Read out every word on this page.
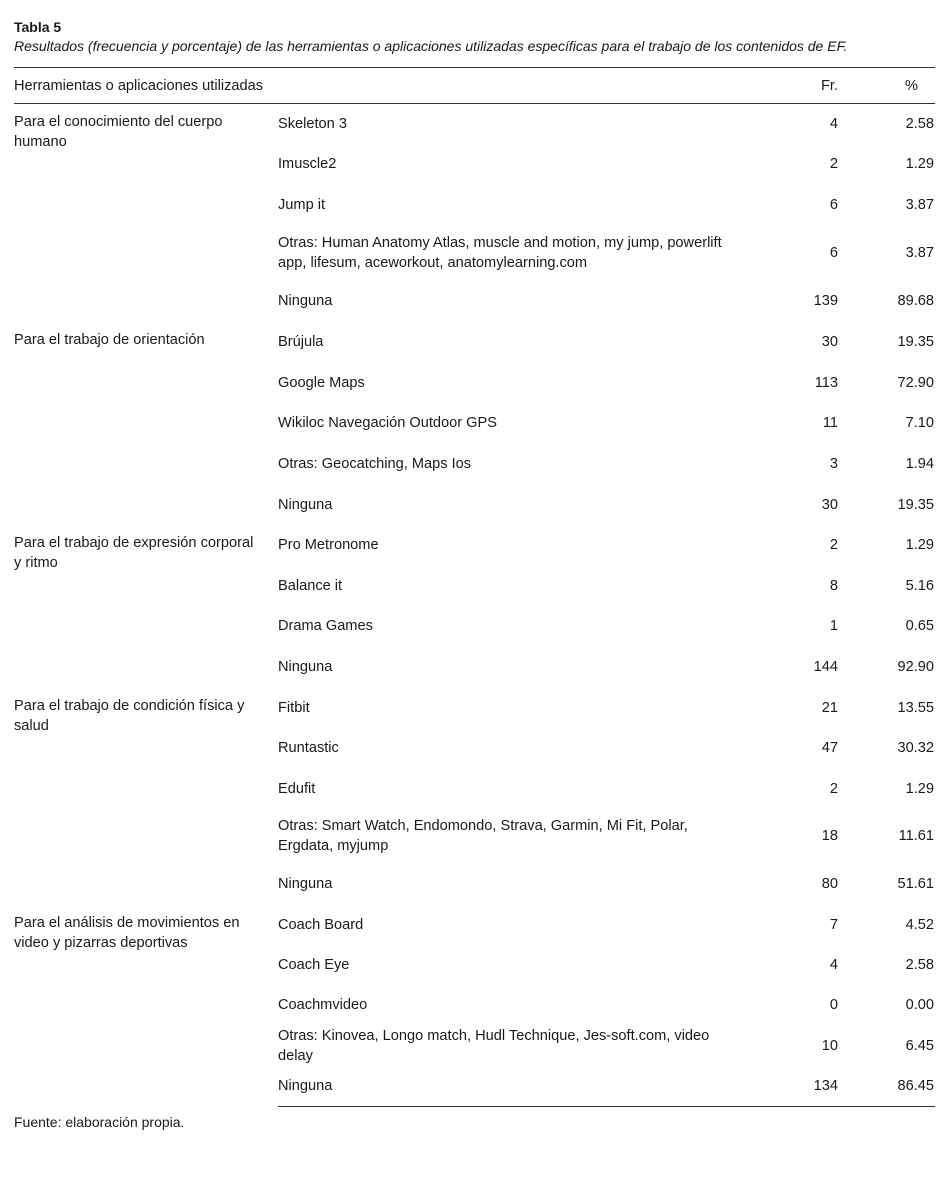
Tabla 5
Resultados (frecuencia y porcentaje) de las herramientas o aplicaciones utilizadas específicas para el trabajo de los contenidos de EF.
Herramientas o aplicaciones utilizadas		Fr.	%

Para el conocimiento del cuerpo humano	Skeleton 3	4	2.58
	Imuscle2	2	1.29
	Jump it	6	3.87
	Otras: Human Anatomy Atlas, muscle and motion, my jump, powerlift app, lifesum, aceworkout, anatomylearning.com	6	3.87
	Ninguna	139	89.68

Para el trabajo de orientación	Brújula	30	19.35
	Google Maps	113	72.90
	Wikiloc Navegación Outdoor GPS	11	7.10
	Otras: Geocatching, Maps Ios	3	1.94
	Ninguna	30	19.35

Para el trabajo de expresión corporal y ritmo	Pro Metronome	2	1.29
	Balance it	8	5.16
	Drama Games	1	0.65
	Ninguna	144	92.90

Para el trabajo de condición física y salud	Fitbit	21	13.55
	Runtastic	47	30.32
	Edufit	2	1.29
	Otras: Smart Watch, Endomondo, Strava, Garmin, Mi Fit, Polar, Ergdata, myjump	18	11.61
	Ninguna	80	51.61

Para el análisis de movimientos en video y pizarras deportivas	Coach Board	7	4.52
	Coach Eye	4	2.58
	Coachmvideo	0	0.00
	Otras: Kinovea, Longo match, Hudl Technique, Jes-soft.com, video delay	10	6.45
	Ninguna	134	86.45
Fuente: elaboración propia.
